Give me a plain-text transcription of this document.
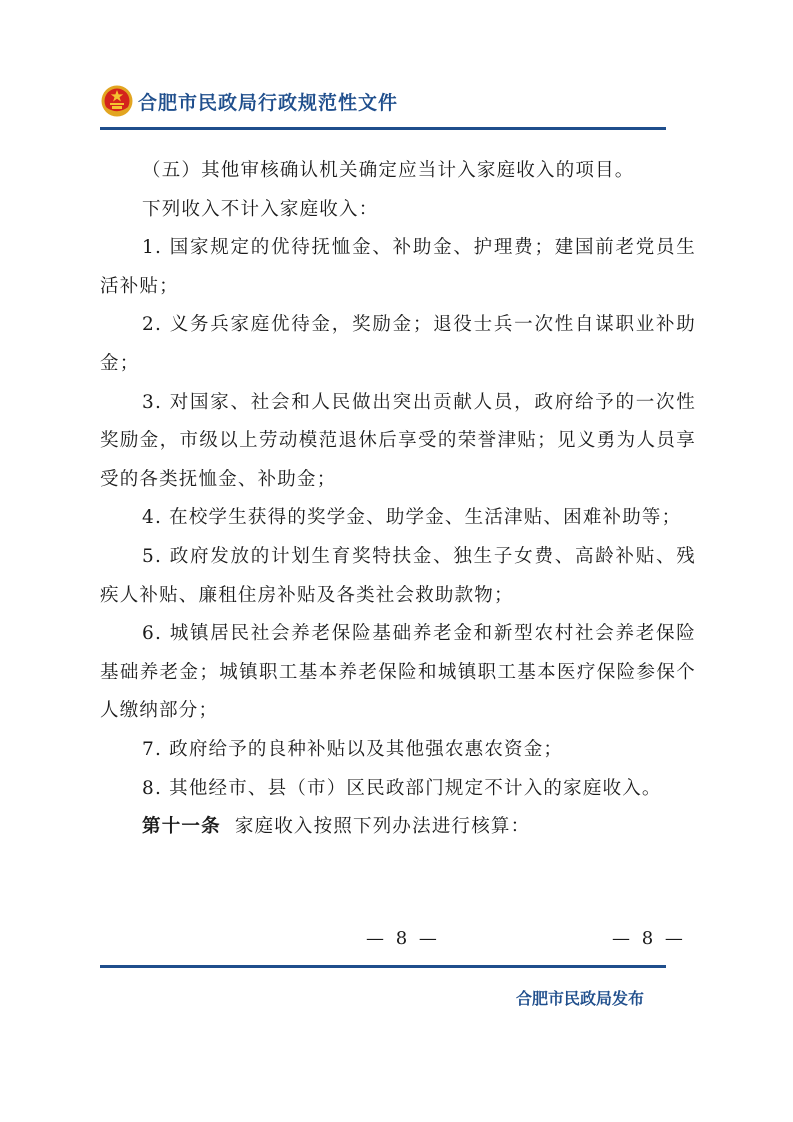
合肥市民政局行政规范性文件

（五）其他审核确认机关确定应当计入家庭收入的项目。

下列收入不计入家庭收入：

1. 国家规定的优待抚恤金、补助金、护理费；建国前老党员生活补贴；

2. 义务兵家庭优待金，奖励金；退役士兵一次性自谋职业补助金；

3. 对国家、社会和人民做出突出贡献人员，政府给予的一次性奖励金，市级以上劳动模范退休后享受的荣誉津贴；见义勇为人员享受的各类抚恤金、补助金；

4. 在校学生获得的奖学金、助学金、生活津贴、困难补助等；

5. 政府发放的计划生育奖特扶金、独生子女费、高龄补贴、残疾人补贴、廉租住房补贴及各类社会救助款物；

6. 城镇居民社会养老保险基础养老金和新型农村社会养老保险基础养老金；城镇职工基本养老保险和城镇职工基本医疗保险参保个人缴纳部分；

7. 政府给予的良种补贴以及其他强农惠农资金；

8. 其他经市、县（市）区民政部门规定不计入的家庭收入。

第十一条 家庭收入按照下列办法进行核算：

— 8 —	— 8 —
合肥市民政局发布
